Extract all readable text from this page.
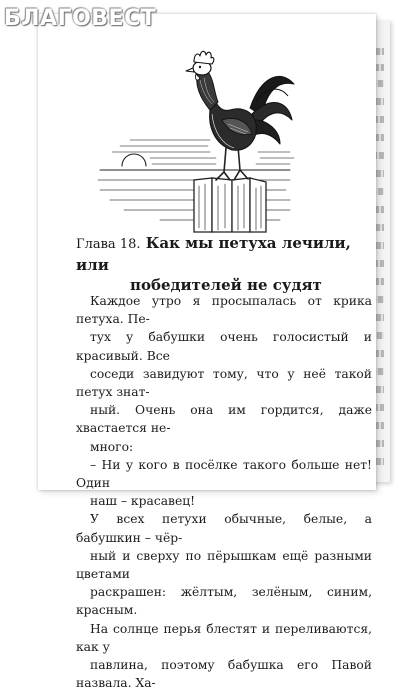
Глава 18. Как мы петуха лечили, или
победителей не судят

Каждое утро я просыпалась от крика петуха. Пе-
тух у бабушки очень голосистый и красивый. Все
соседи завидуют тому, что у неё такой петух знат-
ный. Очень она им гордится, даже хвастается не-
много:

– Ни у кого в посёлке такого больше нет! Один
наш – красавец!

У всех петухи обычные, белые, а бабушкин – чёр-
ный и сверху по пёрышкам ещё разными цветами
раскрашен: жёлтым, зелёным, синим, красным.
На солнце перья блестят и переливаются, как у
павлина, поэтому бабушка его Павой назвала. Ха-

БЛАГОВЕСТ
